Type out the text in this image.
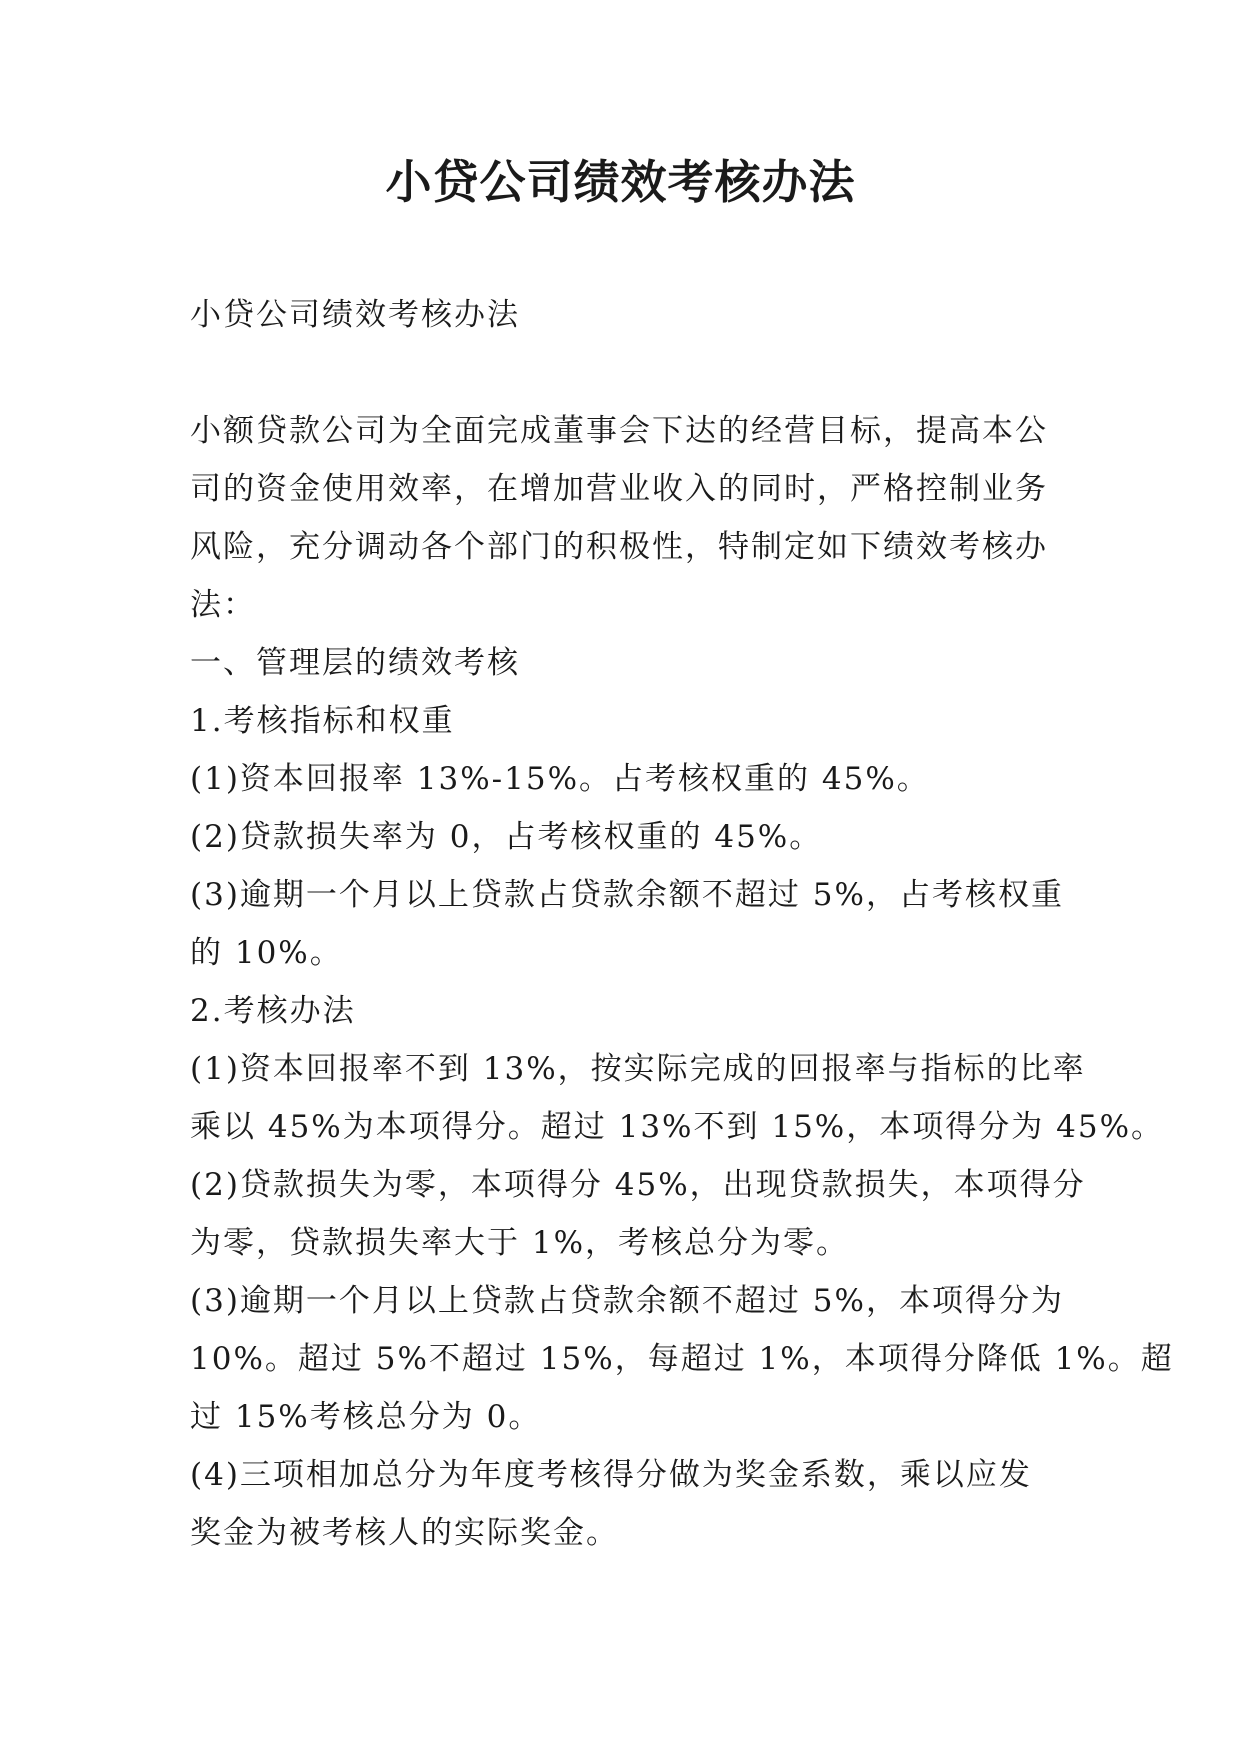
小贷公司绩效考核办法

小贷公司绩效考核办法

小额贷款公司为全面完成董事会下达的经营目标，提高本公

司的资金使用效率，在增加营业收入的同时，严格控制业务

风险，充分调动各个部门的积极性，特制定如下绩效考核办

法：

一、管理层的绩效考核

1.考核指标和权重

(1)资本回报率 13%-15%。占考核权重的 45%。

(2)贷款损失率为 0，占考核权重的 45%。

(3)逾期一个月以上贷款占贷款余额不超过 5%，占考核权重

的 10%。

2.考核办法

(1)资本回报率不到 13%，按实际完成的回报率与指标的比率

乘以 45%为本项得分。超过 13%不到 15%，本项得分为 45%。

(2)贷款损失为零，本项得分 45%，出现贷款损失，本项得分

为零，贷款损失率大于 1%，考核总分为零。

(3)逾期一个月以上贷款占贷款余额不超过 5%，本项得分为

10%。超过 5%不超过 15%，每超过 1%，本项得分降低 1%。超

过 15%考核总分为 0。

(4)三项相加总分为年度考核得分做为奖金系数，乘以应发

奖金为被考核人的实际奖金。
